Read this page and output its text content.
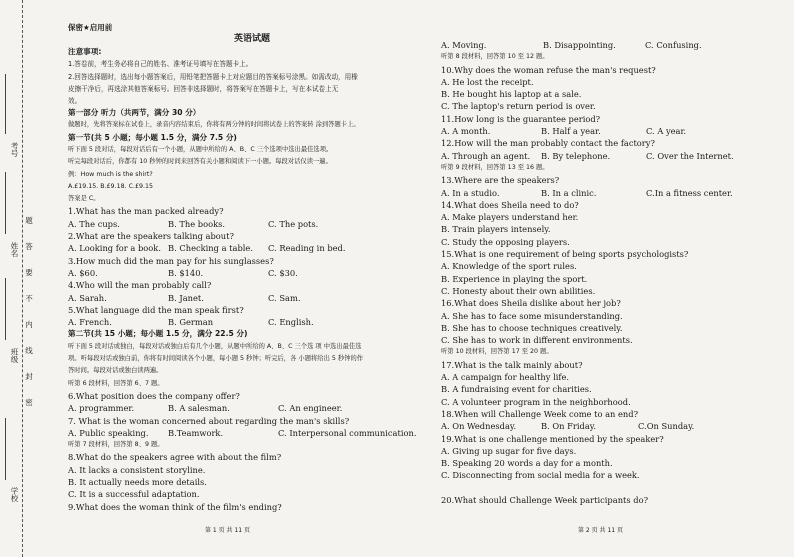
考号
姓名
班级
学校
题
答
要
不
内
线
封
密
保密★启用前
英语试题
注意事项:
1.答卷前，考生务必将自己的姓名、准考证号填写在答题卡上。
2.回答选择题时，选出每小题答案后，用铅笔把答题卡上对应题目的答案标号涂黑。如需改动，用橡
皮擦干净后，再选涂其他答案标号。回答非选择题时，将答案写在答题卡上，写在本试卷上无
效。
第一部分 听力（共两节，满分 30 分）
做题时，先将答案标在试卷上，录音内容结束后，你将有两分钟的时间将试卷上的答案转 涂到答题卡上。
第一节(共 5 小题；每小题 1.5 分，满分 7.5 分)
听下面 5 段对话，每段对话后有一个小题，从题中所给的 A、B、C 三个选项中选出最佳选项。
听完每段对话后，你都有 10 秒钟的时间来回答有关小题和阅读下一小题。每段对话仅读一遍。
例：How much is the shirt?
A.£19.15. B.£9.18. C.£9.15
答案是 C。
1.What has the man packed already?
A. The cups.	B. The books.	C. The pots.
2.What are the speakers talking about?
A. Looking for a book. B. Checking a table.	C. Reading in bed.
3.How much did the man pay for his sunglasses?
A. $60.	B. $140.	C. $30.
4.Who will the man probably call?
A. Sarah.	B. Janet.	C. Sam.
5.What language did the man speak first?
A. French.	B. German	C. English.
第二节(共 15 小题；每小题 1.5 分，满分 22.5 分)
听下面 5 段对话或独白，每段对话或独白后有几个小题，从题中所给的 A、B、C 三个选 项 中选出最佳选
项。听每段对话或独白前，你将有时间阅读各个小题，每小题 5 秒钟；听完后，各 小题将给出 5 秒钟的作
答时间。每段对话或独白读两遍。
听第 6 段材料，回答第 6、7 题。
6.What position does the company offer?
A. programmer.	B. A salesman.	C. An engineer.
7. What is the woman concerned about regarding the man's skills?
A. Public speaking.	B.Teamwork.	C. Interpersonal communication.
听第 7 段材料，回答第 8、9 题。
8.What do the speakers agree with about the film?
A. It lacks a consistent storyline.
B. It actually needs more details.
C. It is a successful adaptation.
9.What does the woman think of the film's ending?
第 1 页 共 11 页
A. Moving.	B. Disappointing.	C. Confusing.
听第 8 段材料，回答第 10 至 12 题。
10.Why does the woman refuse the man's request?
A. He lost the receipt.
B. He bought his laptop at a sale.
C. The laptop's return period is over.
11.How long is the guarantee period?
A. A month.	B. Half a year.	C. A year.
12.How will the man probably contact the factory?
A. Through an agent.	B. By telephone.	C. Over the Internet.
听第 9 段材料，回答第 13 至 16 题。
13.Where are the speakers?
A. In a studio.	B. In a clinic.	C.In a fitness center.
14.What does Sheila need to do?
A. Make players understand her.
B. Train players intensely.
C. Study the opposing players.
15.What is one requirement of being sports psychologists?
A. Knowledge of the sport rules.
B. Experience in playing the sport.
C. Honesty about their own abilities.
16.What does Sheila dislike about her job?
A. She has to face some misunderstanding.
B. She has to choose techniques creatively.
C. She has to work in different environments.
听第 10 段材料，回答第 17 至 20 题。
17.What is the talk mainly about?
A. A campaign for healthy life.
B. A fundraising event for charities.
C. A volunteer program in the neighborhood.
18.When will Challenge Week come to an end?
A. On Wednesday.	B. On Friday.	C.On Sunday.
19.What is one challenge mentioned by the speaker?
A. Giving up sugar for five days.
B. Speaking 20 words a day for a month.
C. Disconnecting from social media for a week.
20.What should Challenge Week participants do?
第 2 页 共 11 页
